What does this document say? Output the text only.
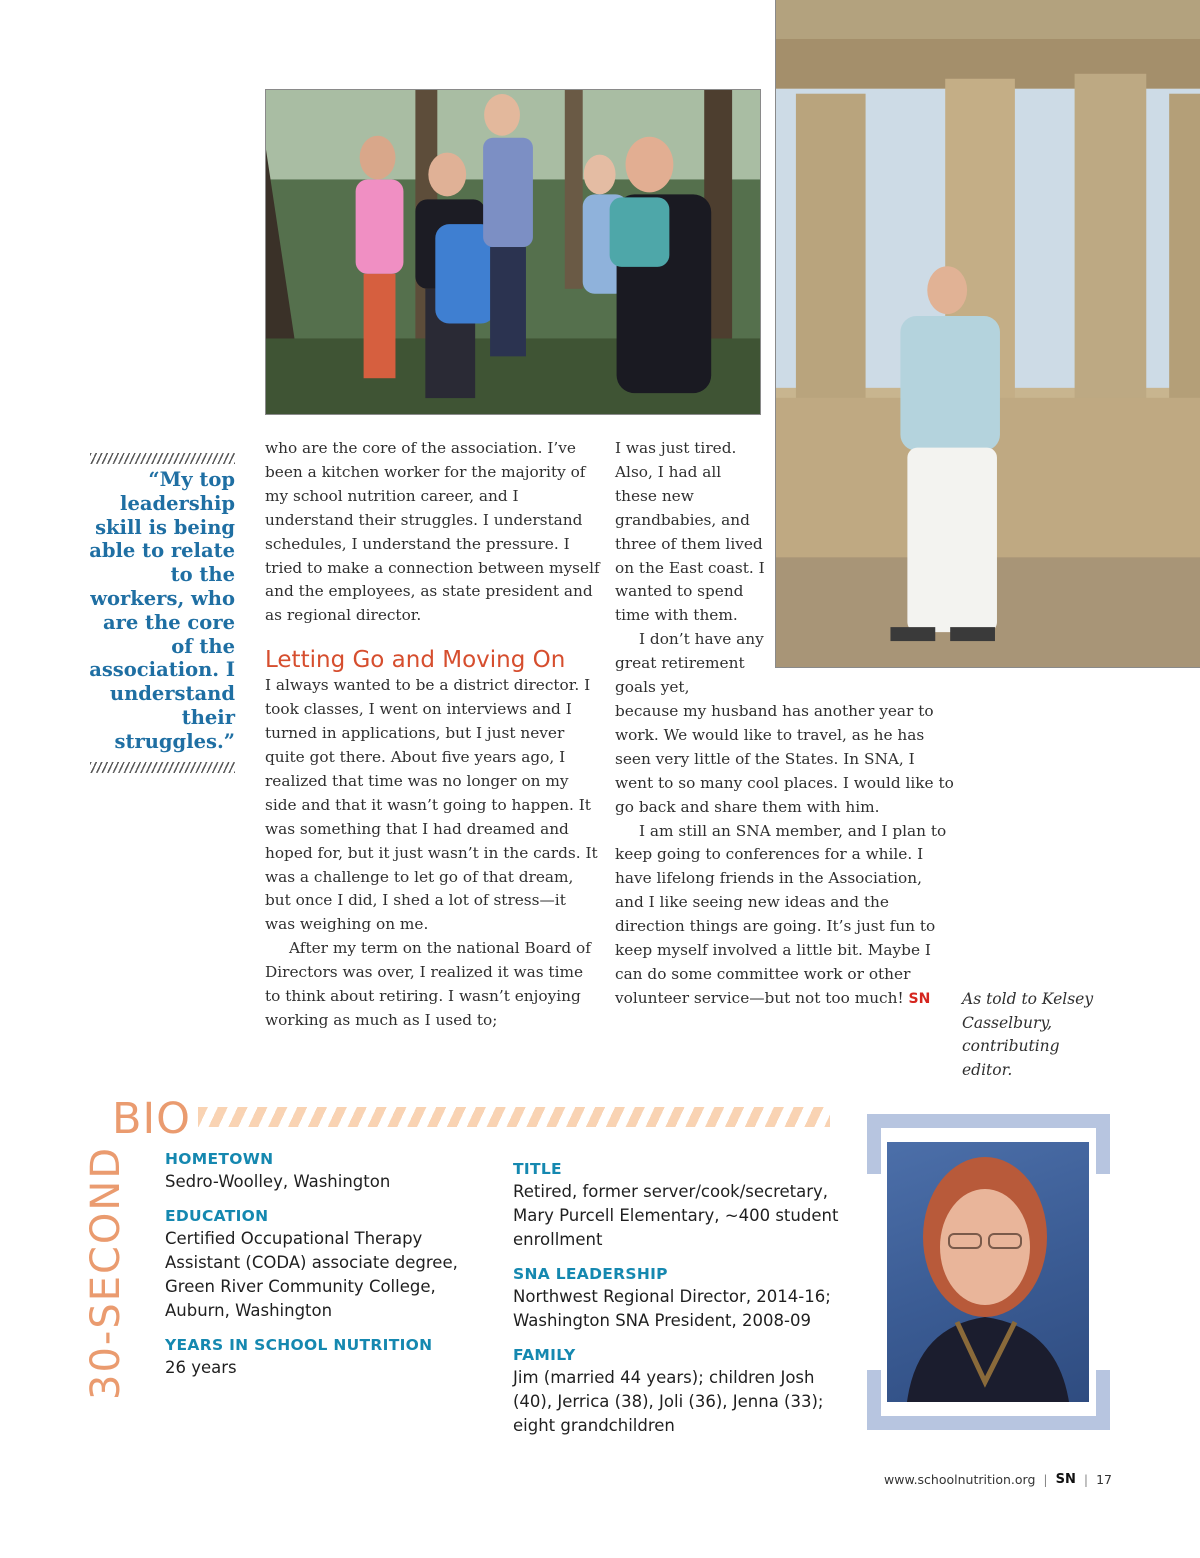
“My top leadership skill is being able to relate to the workers, who are the core of the association. I understand their struggles.”

who are the core of the association. I’ve been a kitchen worker for the majority of my school nutrition career, and I understand their struggles. I understand schedules, I understand the pressure. I tried to make a connection between myself and the employees, as state president and as regional director.

Letting Go and Moving On

I always wanted to be a district director. I took classes, I went on interviews and I turned in applications, but I just never quite got there. About five years ago, I realized that time was no longer on my side and that it wasn’t going to happen. It was something that I had dreamed and hoped for, but it just wasn’t in the cards. It was a challenge to let go of that dream, but once I did, I shed a lot of stress—it was weighing on me.

After my term on the national Board of Directors was over, I realized it was time to think about retiring. I wasn’t enjoying working as much as I used to;

I was just tired. Also, I had all these new grandbabies, and three of them lived on the East coast. I wanted to spend time with them.

I don’t have any great retirement goals yet,

because my husband has another year to work. We would like to travel, as he has seen very little of the States. In SNA, I went to so many cool places. I would like to go back and share them with him.

I am still an SNA member, and I plan to keep going to conferences for a while. I have lifelong friends in the Association, and I like seeing new ideas and the direction things are going. It’s just fun to keep myself involved a little bit. Maybe I can do some committee work or other volunteer service—but not too much! SN	As told to Kelsey Casselbury, contributing editor.
BIO
30-SECOND HOMETOWN
Sedro-Woolley, Washington
EDUCATION
Certified Occupational Therapy Assistant (CODA) associate degree, Green River Community College, Auburn, Washington
YEARS IN SCHOOL NUTRITION
26 years
TITLE
Retired, former server/cook/secretary, Mary Purcell Elementary, ~400 student enrollment
SNA LEADERSHIP
Northwest Regional Director, 2014-16; Washington SNA President, 2008-09
FAMILY
Jim (married 44 years); children Josh (40), Jerrica (38), Joli (36), Jenna (33); eight grandchildren
www.schoolnutrition.org | SN | 17
